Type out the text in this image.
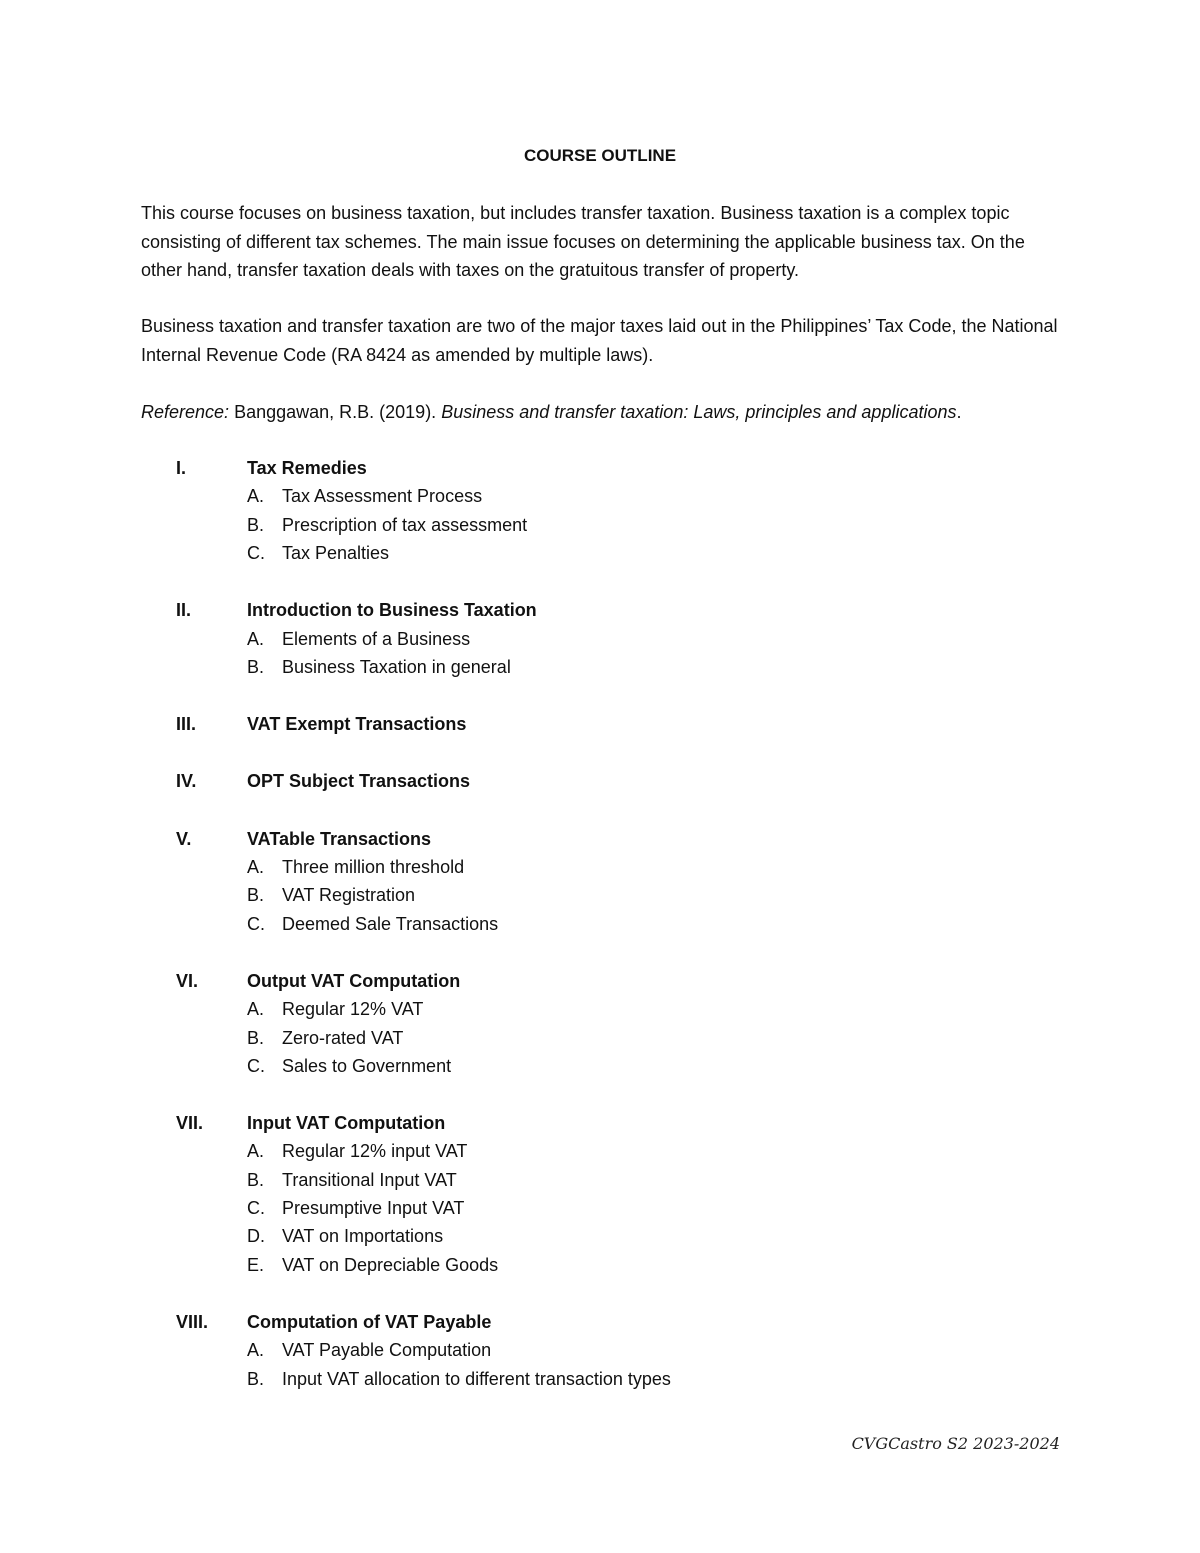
COURSE OUTLINE

This course focuses on business taxation, but includes transfer taxation. Business taxation is a complex topic consisting of different tax schemes. The main issue focuses on determining the applicable business tax. On the other hand, transfer taxation deals with taxes on the gratuitous transfer of property.

Business taxation and transfer taxation are two of the major taxes laid out in the Philippines’ Tax Code, the National Internal Revenue Code (RA 8424 as amended by multiple laws).

Reference: Banggawan, R.B. (2019). Business and transfer taxation: Laws, principles and applications.

I.	Tax Remedies
A. Tax Assessment Process
B. Prescription of tax assessment
C. Tax Penalties
II.	Introduction to Business Taxation
A. Elements of a Business
B. Business Taxation in general
III.	VAT Exempt Transactions
IV.	OPT Subject Transactions
V.	VATable Transactions
A. Three million threshold
B. VAT Registration
C. Deemed Sale Transactions
VI.	Output VAT Computation
A. Regular 12% VAT
B. Zero-rated VAT
C. Sales to Government
VII. Input VAT Computation
A. Regular 12% input VAT
B. Transitional Input VAT
C. Presumptive Input VAT
D. VAT on Importations
E. VAT on Depreciable Goods
VIII. Computation of VAT Payable
A. VAT Payable Computation
B. Input VAT allocation to different transaction types
CVGCastro S2 2023-2024
